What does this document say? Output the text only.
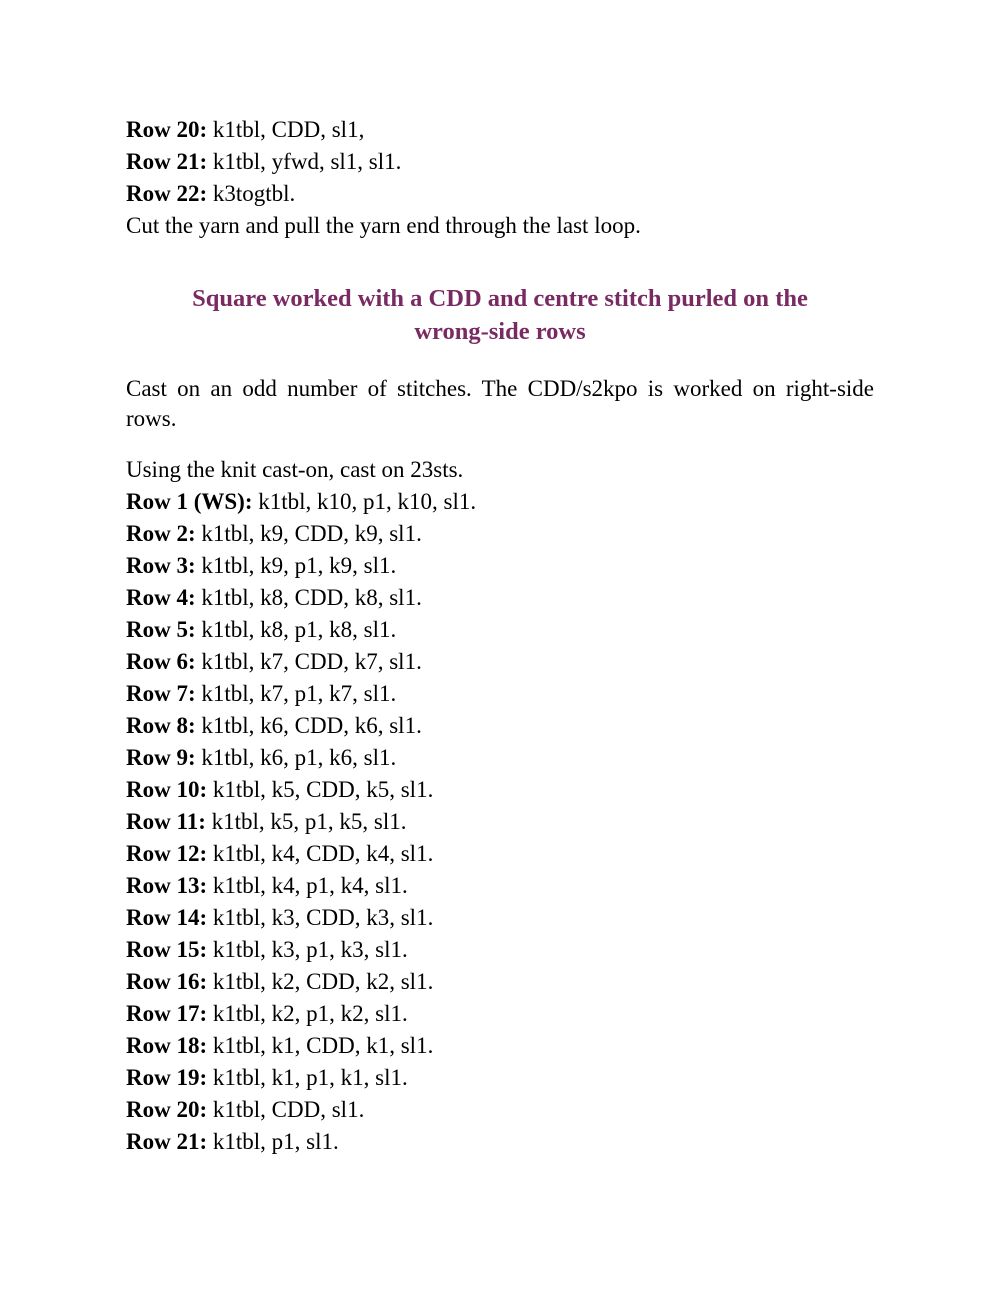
Row 20: k1tbl, CDD, sl1,

Row 21: k1tbl, yfwd, sl1, sl1.

Row 22: k3togtbl.

Cut the yarn and pull the yarn end through the last loop.

Square worked with a CDD and centre stitch purled on the
wrong-side rows

Cast on an odd number of stitches. The CDD/s2kpo is worked on right-side rows.

Using the knit cast-on, cast on 23sts.

Row 1 (WS): k1tbl, k10, p1, k10, sl1.

Row 2: k1tbl, k9, CDD, k9, sl1.

Row 3: k1tbl, k9, p1, k9, sl1.

Row 4: k1tbl, k8, CDD, k8, sl1.

Row 5: k1tbl, k8, p1, k8, sl1.

Row 6: k1tbl, k7, CDD, k7, sl1.

Row 7: k1tbl, k7, p1, k7, sl1.

Row 8: k1tbl, k6, CDD, k6, sl1.

Row 9: k1tbl, k6, p1, k6, sl1.

Row 10: k1tbl, k5, CDD, k5, sl1.

Row 11: k1tbl, k5, p1, k5, sl1.

Row 12: k1tbl, k4, CDD, k4, sl1.

Row 13: k1tbl, k4, p1, k4, sl1.

Row 14: k1tbl, k3, CDD, k3, sl1.

Row 15: k1tbl, k3, p1, k3, sl1.

Row 16: k1tbl, k2, CDD, k2, sl1.

Row 17: k1tbl, k2, p1, k2, sl1.

Row 18: k1tbl, k1, CDD, k1, sl1.

Row 19: k1tbl, k1, p1, k1, sl1.

Row 20: k1tbl, CDD, sl1.

Row 21: k1tbl, p1, sl1.
